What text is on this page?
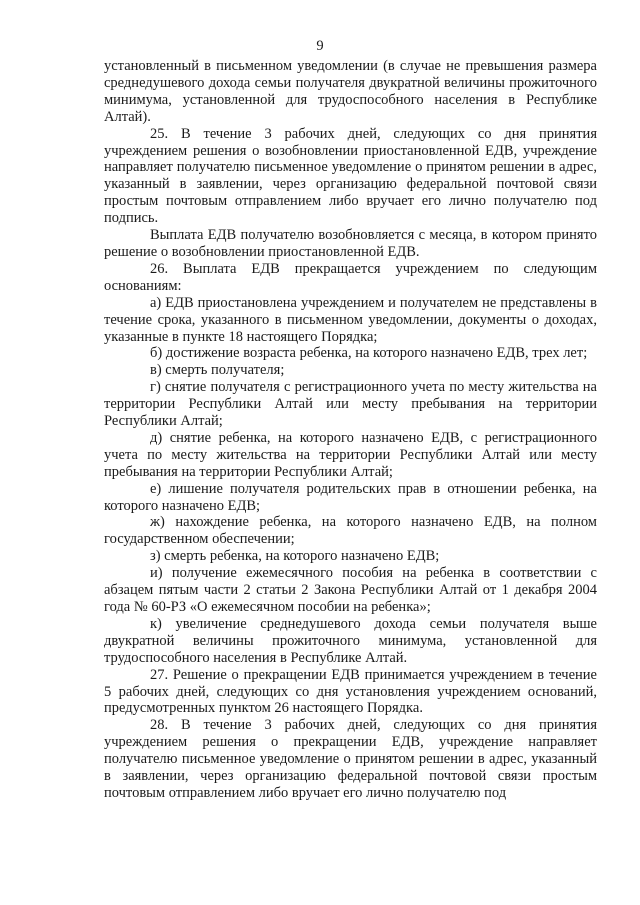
9

установленный в письменном уведомлении (в случае не превышения размера среднедушевого дохода семьи получателя двукратной величины прожиточного минимума, установленной для трудоспособного населения в Республике Алтай).

25. В течение 3 рабочих дней, следующих со дня принятия учреждением решения о возобновлении приостановленной ЕДВ, учреждение направляет получателю письменное уведомление о принятом решении в адрес, указанный в заявлении, через организацию федеральной почтовой связи простым почтовым отправлением либо вручает его лично получателю под подпись.

Выплата ЕДВ получателю возобновляется с месяца, в котором принято решение о возобновлении приостановленной ЕДВ.

26. Выплата ЕДВ прекращается учреждением по следующим основаниям:

а) ЕДВ приостановлена учреждением и получателем не представлены в течение срока, указанного в письменном уведомлении, документы о доходах, указанные в пункте 18 настоящего Порядка;

б) достижение возраста ребенка, на которого назначено ЕДВ, трех лет;

в) смерть получателя;

г) снятие получателя с регистрационного учета по месту жительства на территории Республики Алтай или месту пребывания на территории Республики Алтай;

д) снятие ребенка, на которого назначено ЕДВ, с регистрационного учета по месту жительства на территории Республики Алтай или месту пребывания на территории Республики Алтай;

е) лишение получателя родительских прав в отношении ребенка, на которого назначено ЕДВ;

ж) нахождение ребенка, на которого назначено ЕДВ, на полном государственном обеспечении;

з) смерть ребенка, на которого назначено ЕДВ;

и) получение ежемесячного пособия на ребенка в соответствии с абзацем пятым части 2 статьи 2 Закона Республики Алтай от 1 декабря 2004 года № 60-РЗ «О ежемесячном пособии на ребенка»;

к) увеличение среднедушевого дохода семьи получателя выше двукратной величины прожиточного минимума, установленной для трудоспособного населения в Республике Алтай.

27. Решение о прекращении ЕДВ принимается учреждением в течение 5 рабочих дней, следующих со дня установления учреждением оснований, предусмотренных пунктом 26 настоящего Порядка.

28. В течение 3 рабочих дней, следующих со дня принятия учреждением решения о прекращении ЕДВ, учреждение направляет получателю письменное уведомление о принятом решении в адрес, указанный в заявлении, через организацию федеральной почтовой связи простым почтовым отправлением либо вручает его лично получателю под
